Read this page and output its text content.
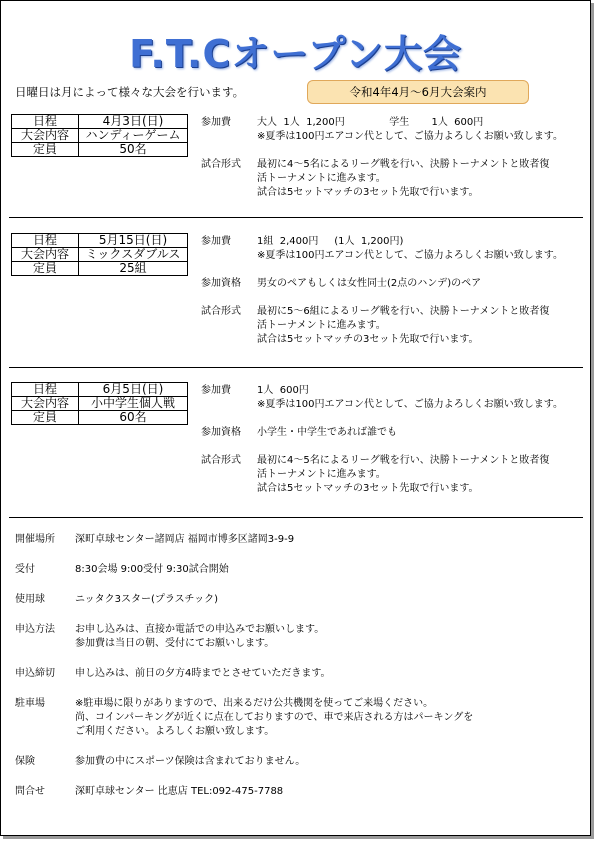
F.T.Cオープン大会
日曜日は月によって様々な大会を行います。	令和4年4月～6月大会案内
日程	4月3日(日)
大会内容	ハンディーゲーム
定員	50名
参加費	大人  1人  1,200円              学生       1人  600円
※夏季は100円エアコン代として、ご協力よろしくお願い致します。
試合形式	最初に4～5名によるリーグ戦を行い、決勝トーナメントと敗者復
活トーナメントに進みます。
試合は5セットマッチの3セット先取で行います。
日程	5月15日(日)
大会内容	ミックスダブルス
定員	25組
参加費	1組  2,400円     (1人  1,200円)
※夏季は100円エアコン代として、ご協力よろしくお願い致します。
参加資格	男女のペアもしくは女性同士(2点のハンデ)のペア
試合形式	最初に5～6組によるリーグ戦を行い、決勝トーナメントと敗者復
活トーナメントに進みます。
試合は5セットマッチの3セット先取で行います。
日程	6月5日(日)
大会内容	小中学生個人戦
定員	60名
参加費	1人  600円
※夏季は100円エアコン代として、ご協力よろしくお願い致します。
参加資格	小学生・中学生であれば誰でも
試合形式	最初に4～5名によるリーグ戦を行い、決勝トーナメントと敗者復
活トーナメントに進みます。
試合は5セットマッチの3セット先取で行います。
開催場所	深町卓球センター諸岡店 福岡市博多区諸岡3-9-9
受付	8:30会場 9:00受付 9:30試合開始
使用球	ニッタク3スター(プラスチック)
申込方法	お申し込みは、直接か電話での申込みでお願いします。
参加費は当日の朝、受付にてお願いします。
申込締切	申し込みは、前日の夕方4時までとさせていただきます。
駐車場	※駐車場に限りがありますので、出来るだけ公共機関を使ってご来場ください。
尚、コインパーキングが近くに点在しておりますので、車で来店される方はパーキングを
ご利用ください。よろしくお願い致します。
保険	参加費の中にスポーツ保険は含まれておりません。
問合せ	深町卓球センター 比恵店 TEL:092-475-7788
